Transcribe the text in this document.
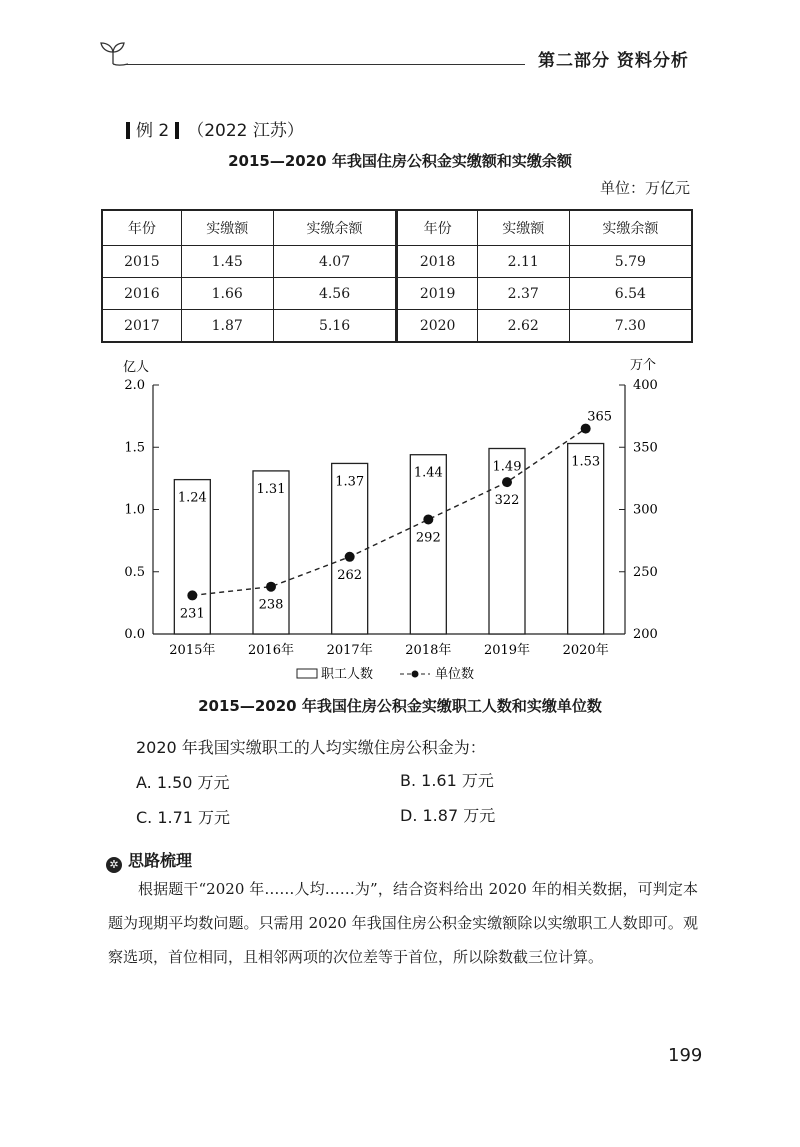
第二部分 资料分析
例 2 （2022 江苏）
2015—2020 年我国住房公积金实缴额和实缴余额
单位：万亿元
年份	实缴额	实缴余额	年份	实缴额	实缴余额
2015	1.45	4.07	2018	2.11	5.79
2016	1.66	4.56	2019	2.37	6.54
2017	1.87	5.16	2020	2.62	7.30
亿人	万个
0.0
0.5
1.0
1.5
2.0
200
250
300
350
400
1.24
1.31	1.37
1.44	1.49	1.53
231
238
262
292
322
365
2015年	2016年	2017年	2018年	2019年	2020年
职工人数	单位数
2015—2020 年我国住房公积金实缴职工人数和实缴单位数
2020 年我国实缴职工的人均实缴住房公积金为：
A. 1.50 万元	B. 1.61 万元
C. 1.71 万元	D. 1.87 万元
✲ 思路梳理
根据题干“2020 年……人均……为”，结合资料给出 2020 年的相关数据，可判定本题为现期平均数问题。只需用 2020 年我国住房公积金实缴额除以实缴职工人数即可。观察选项，首位相同，且相邻两项的次位差等于首位，所以除数截三位计算。
199
